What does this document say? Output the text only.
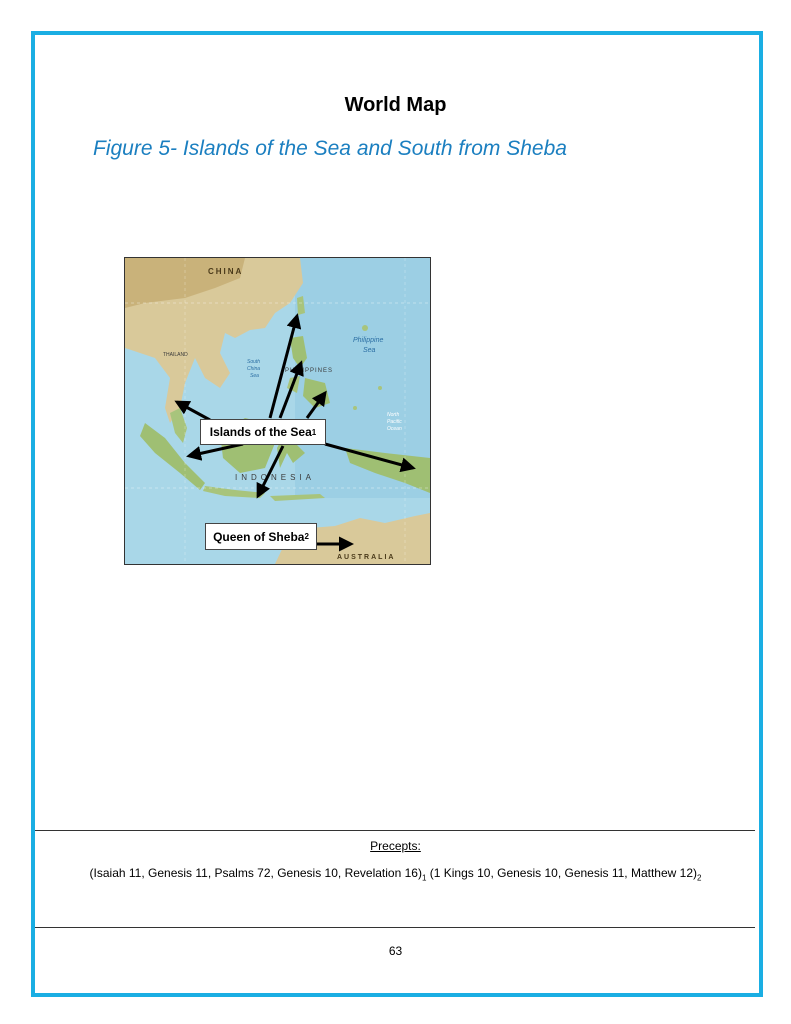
World Map
Figure 5- Islands of the Sea and South from Sheba
CHINA
Philippine
Sea
South
China
Sea
PHILIPPINES
THAILAND
INDONESIA
AUSTRALIA
North
Pacific
Ocean
Islands of the Sea 1
Queen of Sheba 2
Precepts:
(Isaiah 11, Genesis 11, Psalms 72, Genesis 10, Revelation $16)_1$ (1 Kings 10, Genesis 10, Genesis 11, Matthew $12)_2$
63
